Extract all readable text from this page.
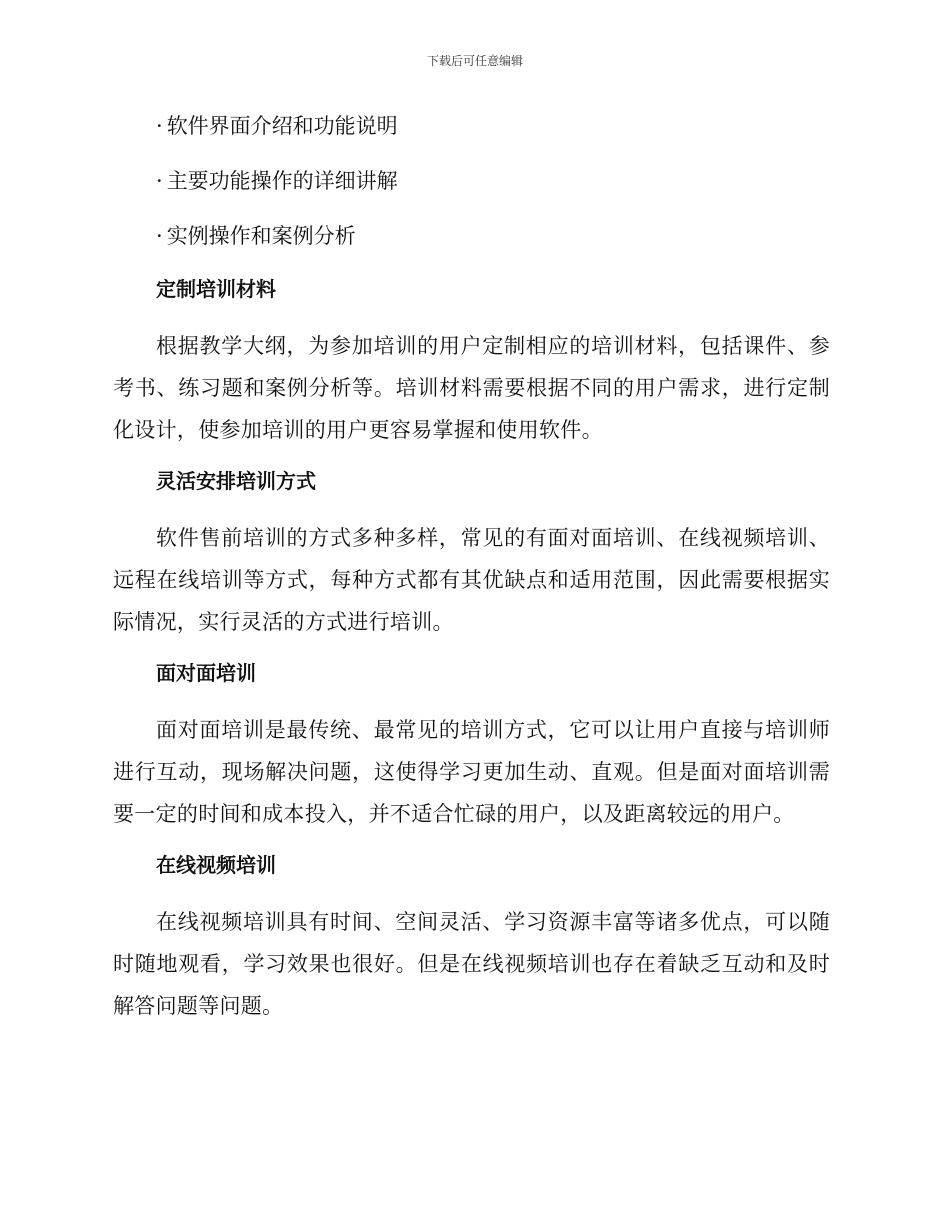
下载后可任意编辑
· 软件界面介绍和功能说明
· 主要功能操作的详细讲解
· 实例操作和案例分析
定制培训材料

根据教学大纲，为参加培训的用户定制相应的培训材料，包括课件、参考书、练习题和案例分析等。培训材料需要根据不同的用户需求，进行定制化设计，使参加培训的用户更容易掌握和使用软件。

灵活安排培训方式

软件售前培训的方式多种多样，常见的有面对面培训、在线视频培训、远程在线培训等方式，每种方式都有其优缺点和适用范围，因此需要根据实际情况，实行灵活的方式进行培训。

面对面培训

面对面培训是最传统、最常见的培训方式，它可以让用户直接与培训师进行互动，现场解决问题，这使得学习更加生动、直观。但是面对面培训需要一定的时间和成本投入，并不适合忙碌的用户，以及距离较远的用户。

在线视频培训

在线视频培训具有时间、空间灵活、学习资源丰富等诸多优点，可以随时随地观看，学习效果也很好。但是在线视频培训也存在着缺乏互动和及时解答问题等问题。
